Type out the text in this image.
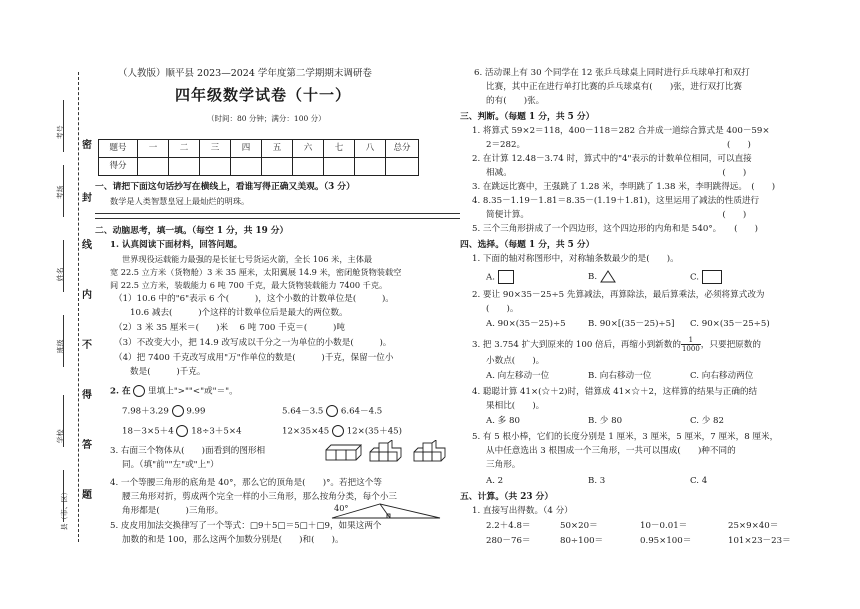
密
封
线
内
不
得
答
题
考号
考场
姓名
班级
学校
县（市、区）
（人教版）顺平县 2023—2024 学年度第二学期期末调研卷
四年级数学试卷（十一）
（时间：80 分钟；满分：100 分）
题号	一	二	三	四	五	六	七	八	总分
得分									
一、请把下面这句话抄写在横线上，看谁写得正确又美观。（3 分）
数学是人类智慧皇冠上最灿烂的明珠。
二、动脑思考，填一填。（每空 1 分，共 19 分）
1. 认真阅读下面材料，回答问题。
世界现役运载能力最强的是长征七号货运火箭，全长 106 米，主体最
宽 22.5 立方米（货物舱）3 米 35 厘米，太阳翼展 14.9 米，密闭舱货物装载空
间 22.5 立方米，装载能力 6 吨 700 千克，最大货物装载能力 7400 千克。
（1）10.6 中的"6"表示 6 个(　　　)，这个小数的计数单位是(　　　)。
10.6 减去(　　　)个这样的计数单位后是最大的两位数。
（2）3 米 35 厘米＝(　　)米　 6 吨 700 千克＝(　　　)吨
（3）不改变大小，把 14.9 改写成以千分之一为单位的小数是(　　　)。
（4）把 7400 千克改写成用"万"作单位的数是(　　　)千克，保留一位小
数是(　　　)千克。
2. 在 里填上">""<"或"＝"。
7.98＋3.29 9.99	5.64－3.5 6.64－4.5
18－3×5＋4 18÷3＋5×4	12×35×45 12×(35＋45)
3. 右面三个物体从(　　)面看到的图形相
同。（填"前""左"或"上"）
4. 一个等腰三角形的底角是 40°，那么它的顶角是(　　)°。若把这个等
腰三角形对折，剪成两个完全一样的小三角形，那么按角分类，每个小三
角形都是(　　　)三角形。	40°
5. 皮皮用加法交换律写了一个等式：□9＋5□＝5□＋□9，如果这两个
加数的和是 100，那么这两个加数分别是(　　)和(　　)。
6. 活动课上有 30 个同学在 12 张乒乓球桌上同时进行乒乓球单打和双打
比赛，其中正在进行单打比赛的乒乓球桌有(　　)张，进行双打比赛
的有(　　)张。
三、判断。（每题 1 分，共 5 分）
1. 将算式 59×2＝118，400－118＝282 合并成一道综合算式是 400－59×
2＝282。　　　　　　　　　　　　　　　　　　　　　　　　(　　)
2. 在计算 12.48－3.74 时，算式中的"4"表示的计数单位相同，可以直接
相减。　　　　　　　　　　　　　　　　　　　　　　　　　(　　)
3. 在跳远比赛中，王强跳了 1.28 米，李明跳了 1.38 米，李明跳得远。　(　　)
4. 8.35－1.19－1.81＝8.35－(1.19＋1.81)，这里运用了减法的性质进行
简便计算。　　　　　　　　　　　　　　　　　　　　　　　(　　)
5. 三个三角形拼成了一个四边形，这个四边形的内角和是 540°。　　(　　)
四、选择。（每题 1 分，共 5 分）
1. 下面的轴对称图形中，对称轴条数最少的是(　　)。
A.	B.	C.
2. 要让 90×35－25÷5 先算减法，再算除法，最后算乘法，必须将算式改为
(　　)。
A. 90×(35－25)÷5	B. 90×[(35－25)÷5] C. 90×(35－25÷5)
3. 把 3.754 扩大到原来的 100 倍后，再缩小到新数的 $\frac{1}{1000}$ ，只要把原数的
小数点(　　)。
A. 向左移动一位	B. 向右移动一位	C. 向右移动两位
4. 聪聪计算 41×(☆＋2)时，错算成 41×☆＋2，这样算的结果与正确的结
果相比(　　)。
A. 多 80	B. 少 80	C. 少 82
5. 有 5 根小棒，它们的长度分别是 1 厘米，3 厘米，5 厘米，7 厘米，8 厘米，
从中任意选出 3 根围成一个三角形，一共可以围成(　　)种不同的
三角形。
A. 2	B. 3	C. 4
五、计算。（共 23 分）
1. 直接写出得数。（4 分）
2.2＋4.8＝	50×20＝	10－0.01＝	25×9×40＝
280－76＝	80÷100＝	0.95×100＝	101×23－23＝
